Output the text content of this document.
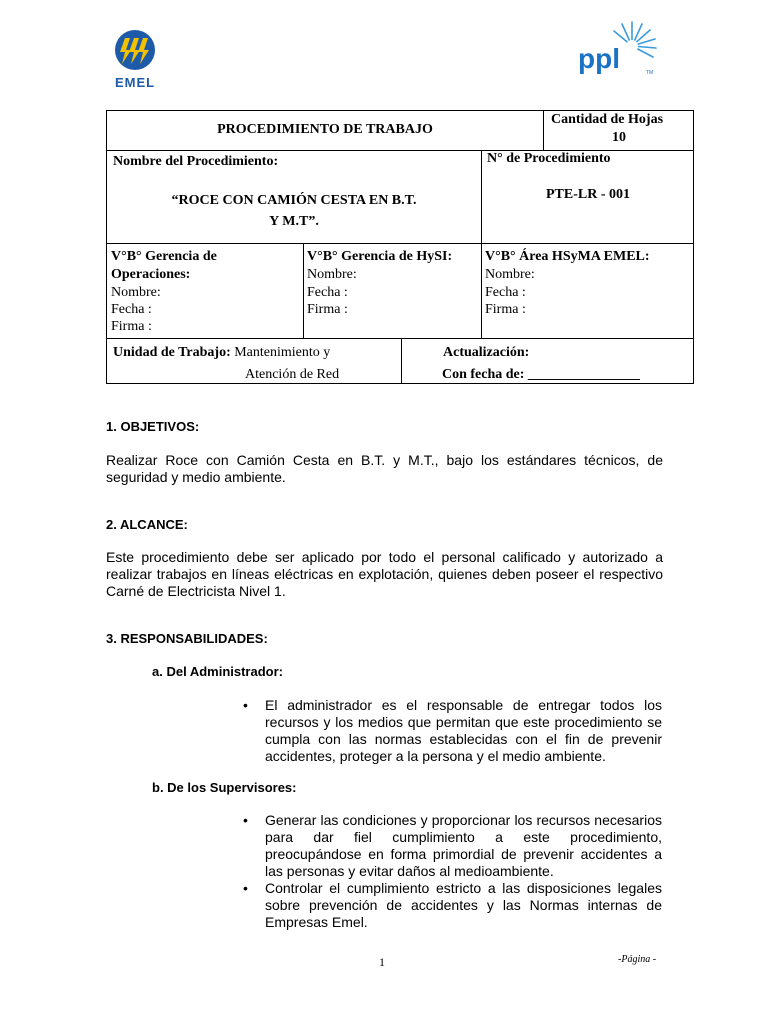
EMEL
ppl	TM
PROCEDIMIENTO DE TRABAJO
Cantidad de Hojas
10
Nombre del Procedimiento:
“ROCE CON CAMIÓN CESTA EN B.T.
Y M.T”.
N° de Procedimiento
PTE-LR - 001
V°B° Gerencia de
Operaciones:
Nombre:
Fecha :
Firma :
V°B° Gerencia de HySI:
Nombre:
Fecha :
Firma :
V°B° Área HSyMA EMEL:
Nombre:
Fecha :
Firma :
Unidad de Trabajo: Mantenimiento y
Atención de Red
Actualización:
Con fecha de: ________________
1. OBJETIVOS:
Realizar Roce con Camión Cesta en B.T. y M.T., bajo los estándares técnicos, de seguridad y medio ambiente.
2. ALCANCE:
Este procedimiento debe ser aplicado por todo el personal calificado y autorizado a realizar trabajos en líneas eléctricas en explotación, quienes deben poseer el respectivo Carné de Electricista Nivel 1.
3. RESPONSABILIDADES:
a. Del Administrador:
• El administrador es el responsable de entregar todos los recursos y los medios que permitan que este procedimiento se cumpla con las normas establecidas con el fin de prevenir accidentes, proteger a la persona y el medio ambiente.
b. De los Supervisores:
• Generar las condiciones y proporcionar los recursos necesarios para dar fiel cumplimiento a este procedimiento, preocupándose en forma primordial de prevenir accidentes a las personas y evitar daños al medioambiente.
• Controlar el cumplimiento estricto a las disposiciones legales sobre prevención de accidentes y las Normas internas de Empresas Emel.
1	-Página -
